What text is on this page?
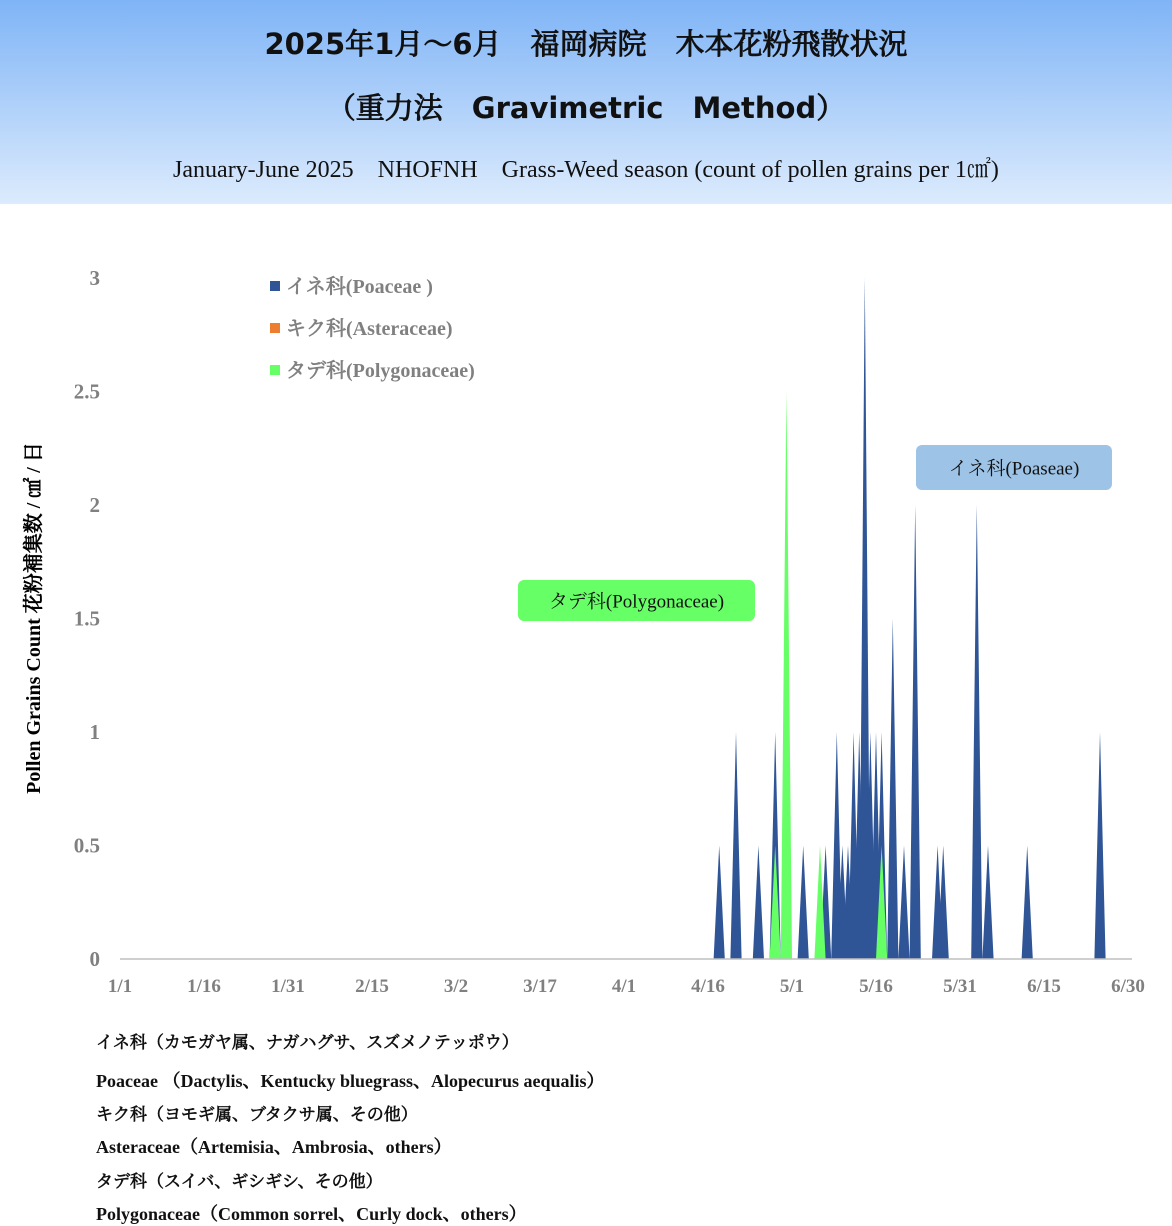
2025年1月～6月　福岡病院　木本花粉飛散状況
（重力法　Gravimetric　Method）
January-June 2025　NHOFNH　Grass-Weed season (count of pollen grains per 1㎠)
0
0.5
1
1.5
2
2.5
3
1/1	1/16	1/31	2/15	3/2	3/17	4/1	4/16	5/1	5/16	5/31	6/15	6/30
Pollen Grains Count 花粉補集数 / ㎠ / 日
イネ科(Poaceae )
キク科(Asteraceae)
タデ科(Polygonaceae)
タデ科(Polygonaceae)
イネ科(Poaseae)
イネ科（カモガヤ属、ナガハグサ、スズメノテッポウ）
Poaceae （Dactylis、Kentucky bluegrass、Alopecurus aequalis）
キク科（ヨモギ属、ブタクサ属、その他）
Asteraceae（Artemisia、Ambrosia、others）
タデ科（スイバ、ギシギシ、その他）
Polygonaceae（Common sorrel、Curly dock、others）
